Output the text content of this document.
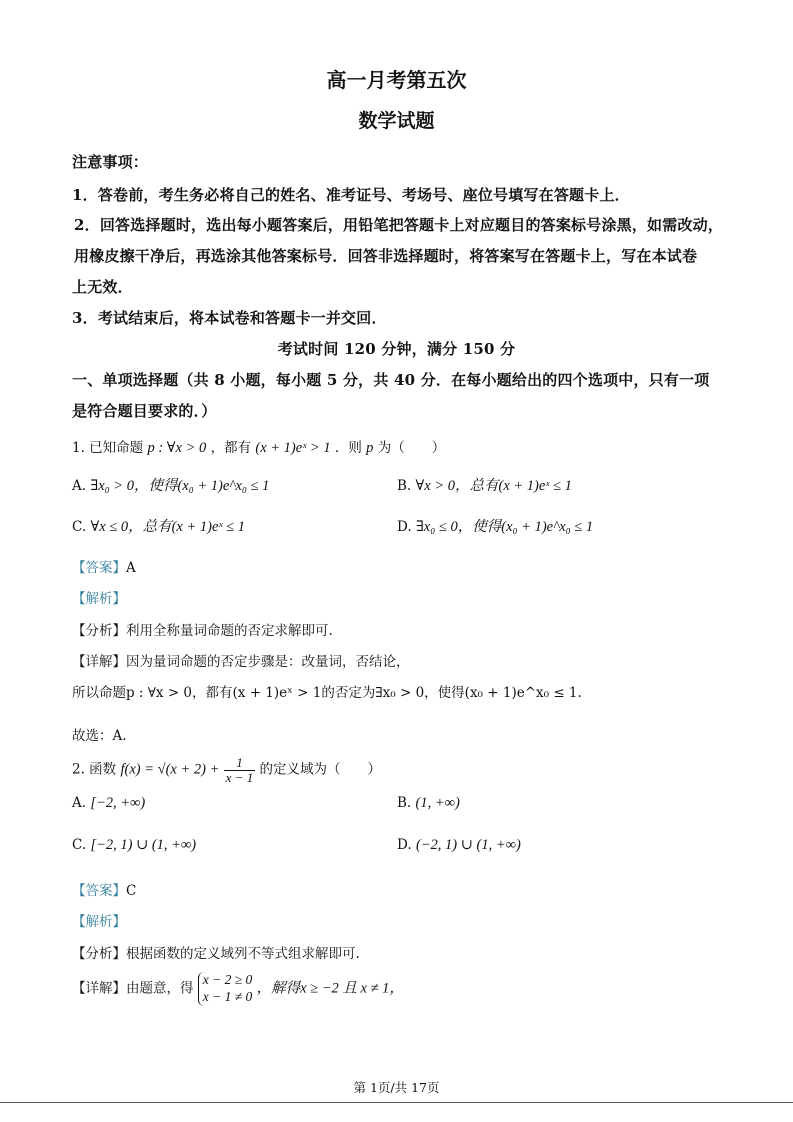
高一月考第五次
数学试题
注意事项：
1．答卷前，考生务必将自己的姓名、准考证号、考场号、座位号填写在答题卡上．
2．回答选择题时，选出每小题答案后，用铅笔把答题卡上对应题目的答案标号涂黑，如需改动，
用橡皮擦干净后，再选涂其他答案标号．回答非选择题时，将答案写在答题卡上，写在本试卷
上无效．
3．考试结束后，将本试卷和答题卡一并交回．
考试时间 120 分钟，满分 150 分
一、单项选择题（共 8 小题，每小题 5 分，共 40 分．在每小题给出的四个选项中，只有一项
是符合题目要求的．）
1. 已知命题 p : ∀x > 0 ，都有 (x + 1)eˣ > 1 ．则 p 为（　　）
A. ∃x₀ > 0，使得(x₀ + 1)e^x₀ ≤ 1	B. ∀x > 0，总有(x + 1)eˣ ≤ 1
C. ∀x ≤ 0，总有(x + 1)eˣ ≤ 1	D. ∃x₀ ≤ 0，使得(x₀ + 1)e^x₀ ≤ 1
【答案】A
【解析】
【分析】利用全称量词命题的否定求解即可.
【详解】因为量词命题的否定步骤是：改量词，否结论，
所以命题p : ∀x > 0，都有(x + 1)eˣ > 1的否定为∃x₀ > 0，使得(x₀ + 1)e^x₀ ≤ 1.
故选：A.
2. 函数 $f(x) = √(x + 2) + \frac{1}{x - 1}$ 的定义域为（　　）
A. [−2, +∞)	B. (1, +∞)
C. [−2, 1) ∪ (1, +∞)	D. (−2, 1) ∪ (1, +∞)
【答案】C
【解析】
【分析】根据函数的定义域列不等式组求解即可.
【详解】由题意，得
x − 2 ≥ 0
x − 1 ≠ 0 ，解得x ≥ −2 且 x ≠ 1，
第 1页/共 17页
